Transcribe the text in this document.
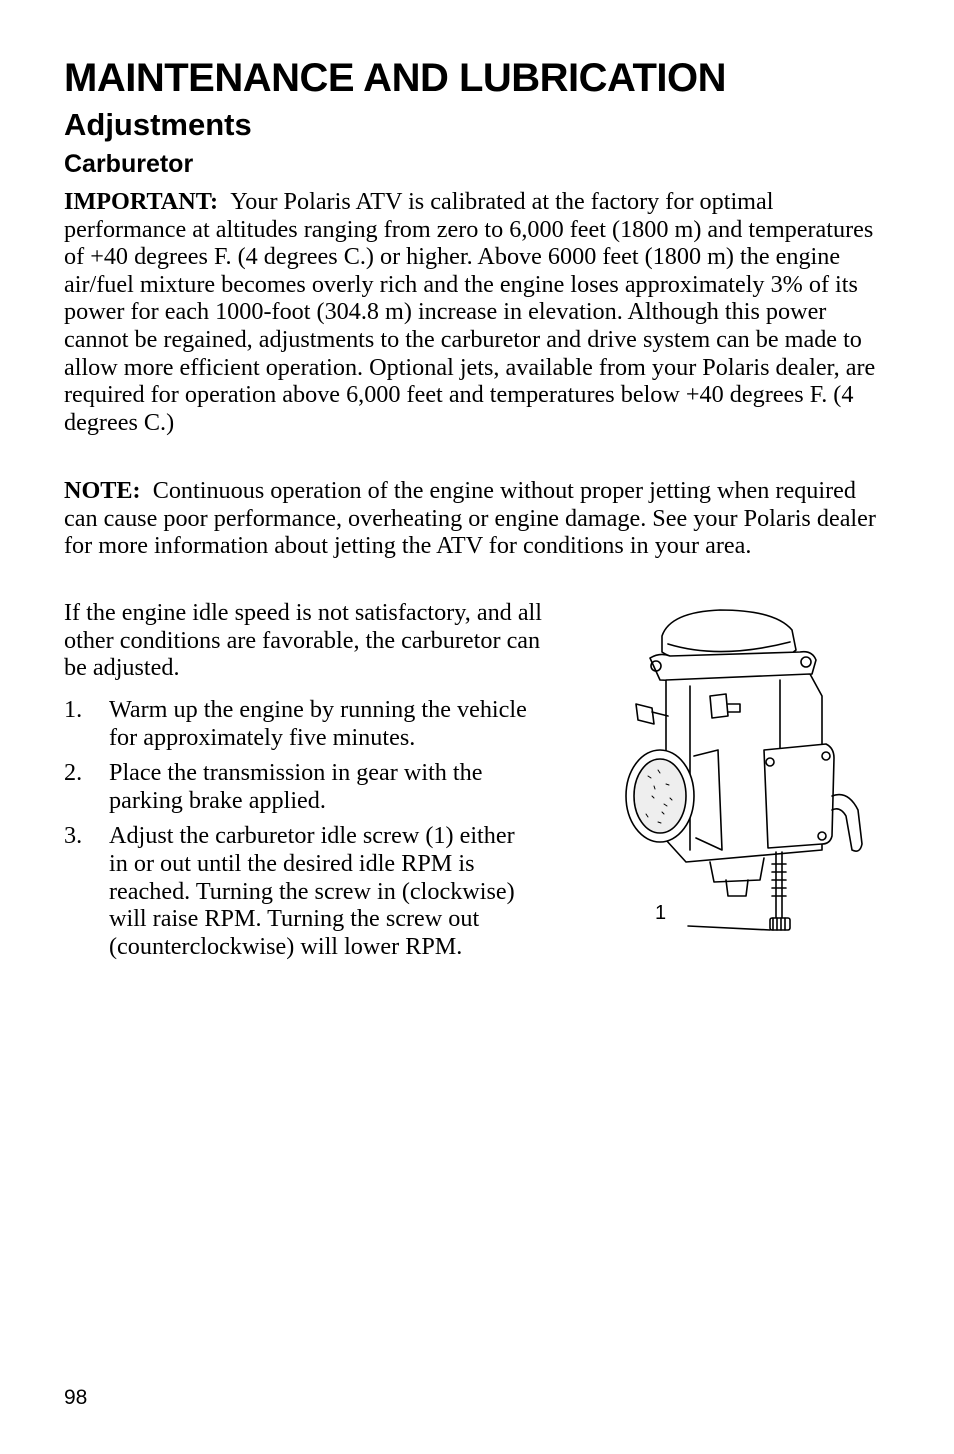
MAINTENANCE AND LUBRICATION
Adjustments
Carburetor

IMPORTANT: Your Polaris ATV is calibrated at the factory for optimal performance at altitudes ranging from zero to 6,000 feet (1800 m) and temperatures of +40 degrees F. (4 degrees C.) or higher. Above 6000 feet (1800 m) the engine air/fuel mixture becomes overly rich and the engine loses approximately 3% of its power for each 1000-foot (304.8 m) increase in elevation. Although this power cannot be regained, adjustments to the carburetor and drive system can be made to allow more efficient operation. Optional jets, available from your Polaris dealer, are required for operation above 6,000 feet and temperatures below +40 degrees F. (4 degrees C.)

NOTE: Continuous operation of the engine without proper jetting when required can cause poor performance, overheating or engine damage. See your Polaris dealer for more information about jetting the ATV for conditions in your area.

If the engine idle speed is not satisfactory, and all other conditions are favorable, the carburetor can be adjusted.

1.	Warm up the engine by running the vehicle for approximately five minutes.
2.	Place the transmission in gear with the parking brake applied.
3.	Adjust the carburetor idle screw (1) either in or out until the desired idle RPM is reached. Turning the screw in (clockwise) will raise RPM. Turning the screw out (counterclockwise) will lower RPM.
1
98
